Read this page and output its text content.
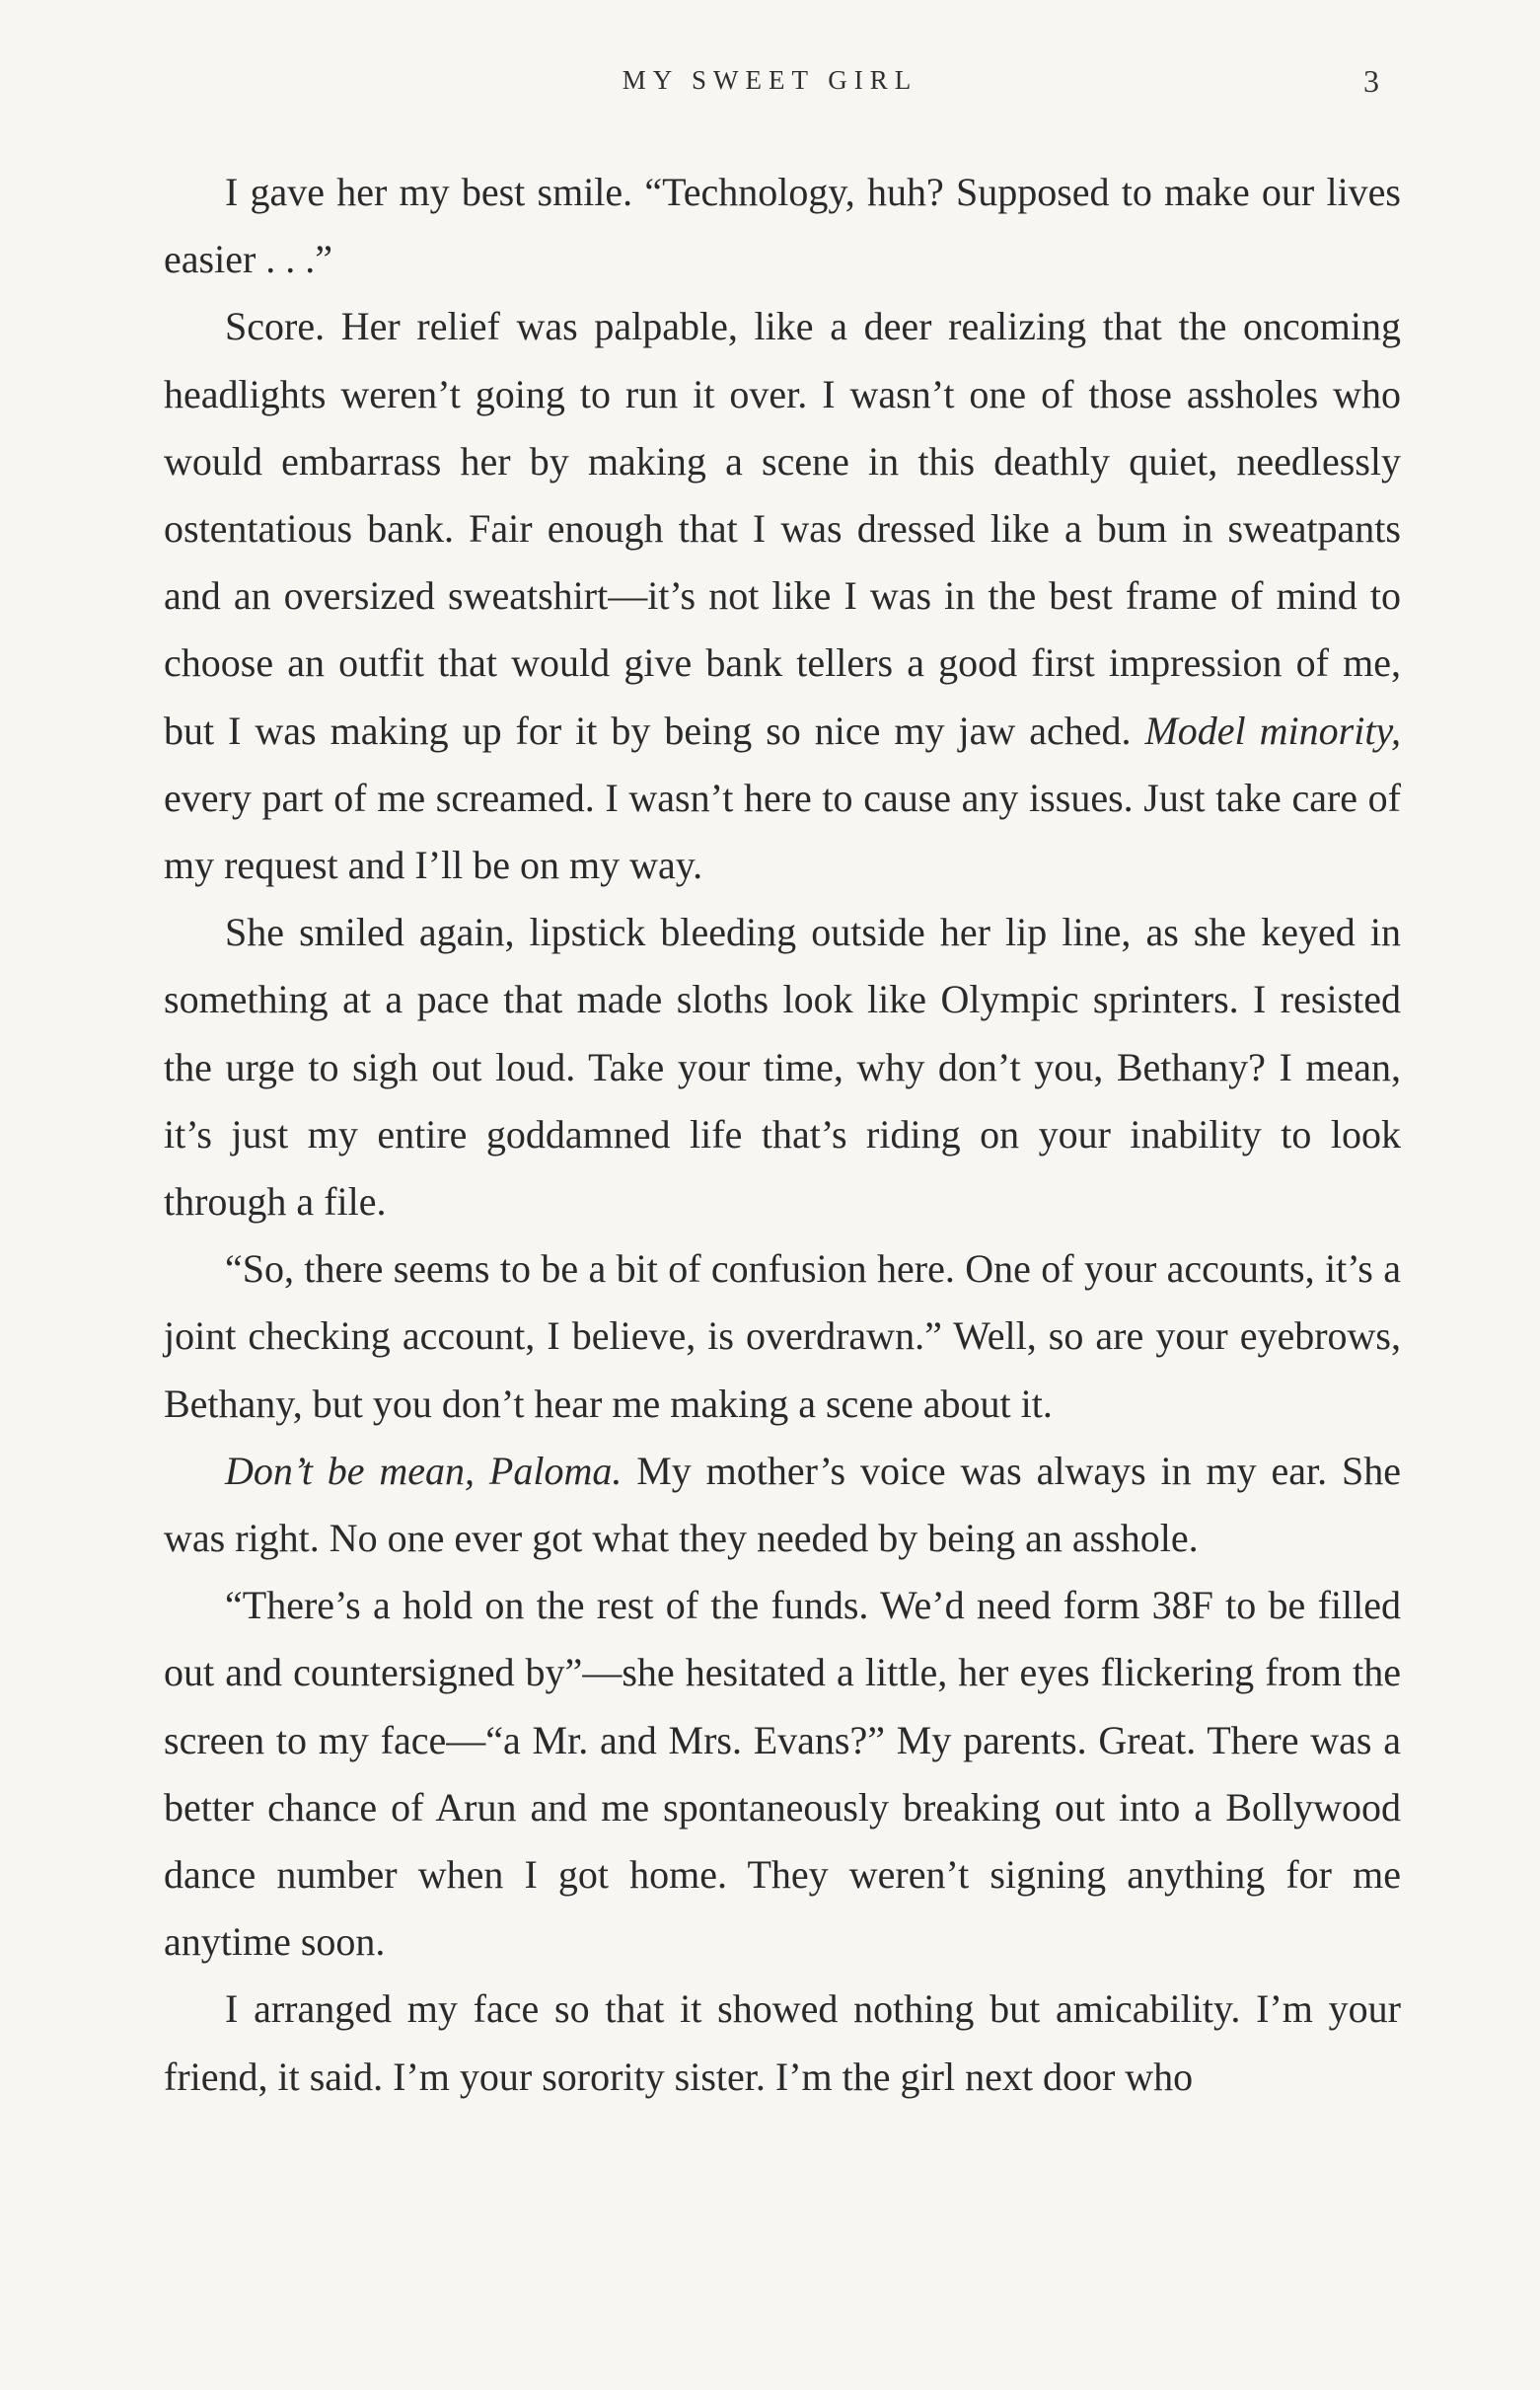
MY SWEET GIRL	3

I gave her my best smile. “Technology, huh? Supposed to make our lives easier . . .”

Score. Her relief was palpable, like a deer realizing that the oncoming headlights weren’t going to run it over. I wasn’t one of those assholes who would embarrass her by making a scene in this deathly quiet, needlessly ostentatious bank. Fair enough that I was dressed like a bum in sweatpants and an oversized sweatshirt—it’s not like I was in the best frame of mind to choose an outfit that would give bank tellers a good first impression of me, but I was making up for it by being so nice my jaw ached. Model minority, every part of me screamed. I wasn’t here to cause any issues. Just take care of my request and I’ll be on my way.

She smiled again, lipstick bleeding outside her lip line, as she keyed in something at a pace that made sloths look like Olympic sprinters. I resisted the urge to sigh out loud. Take your time, why don’t you, Bethany? I mean, it’s just my entire goddamned life that’s riding on your inability to look through a file.

“So, there seems to be a bit of confusion here. One of your accounts, it’s a joint checking account, I believe, is overdrawn.” Well, so are your eyebrows, Bethany, but you don’t hear me making a scene about it.

Don’t be mean, Paloma. My mother’s voice was always in my ear. She was right. No one ever got what they needed by being an asshole.

“There’s a hold on the rest of the funds. We’d need form 38F to be filled out and countersigned by”—she hesitated a little, her eyes flickering from the screen to my face—“a Mr. and Mrs. Evans?” My parents. Great. There was a better chance of Arun and me spontaneously breaking out into a Bollywood dance number when I got home. They weren’t signing anything for me anytime soon.

I arranged my face so that it showed nothing but amicability. I’m your friend, it said. I’m your sorority sister. I’m the girl next door who
